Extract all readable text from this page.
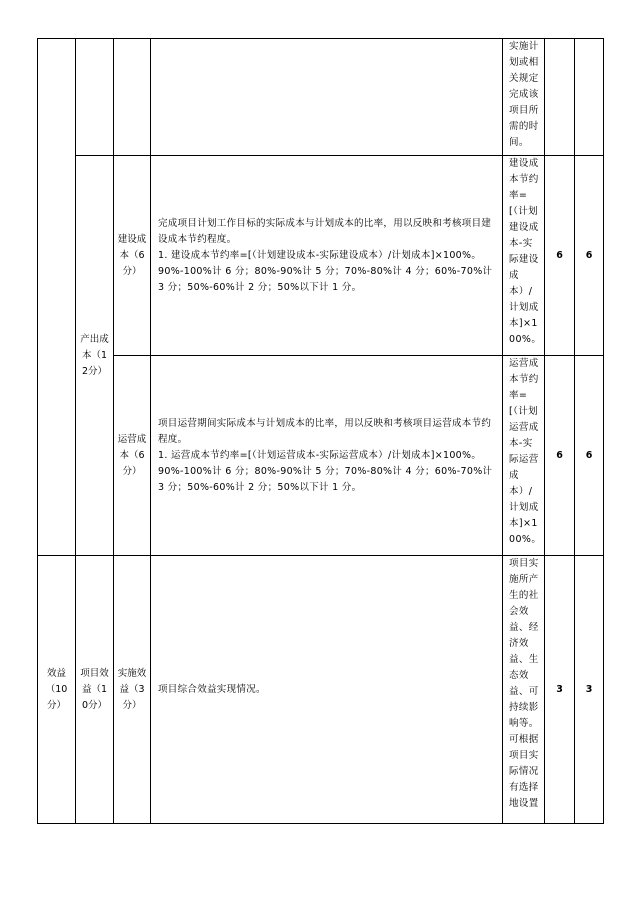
				实施计划或相关规定完成该项目所需的时间。		
	产出成本（12分）	建设成本（6分）	完成项目计划工作目标的实际成本与计划成本的比率，用以反映和考核项目建设成本节约程度。
1. 建设成本节约率=[（计划建设成本-实际建设成本）/计划成本]×100%。
90%-100%计 6 分；80%-90%计 5 分；70%-80%计 4 分；60%-70%计 3 分；50%-60%计 2 分；50%以下计 1 分。	建设成本节约率=[（计划建设成本-实际建设成本）/计划成本]×100%。	6	6
		运营成本（6分）	项目运营期间实际成本与计划成本的比率，用以反映和考核项目运营成本节约程度。
1. 运营成本节约率=[（计划运营成本-实际运营成本）/计划成本]×100%。
90%-100%计 6 分；80%-90%计 5 分；70%-80%计 4 分；60%-70%计 3 分；50%-60%计 2 分；50%以下计 1 分。	运营成本节约率=[（计划运营成本-实际运营成本）/计划成本]×100%。	6	6

效益（10分）	项目效益（10分）	实施效益（3分）	项目综合效益实现情况。	项目实施所产生的社会效益、经济效益、生态效益、可持续影响等。可根据项目实际情况有选择地设置	3	3
